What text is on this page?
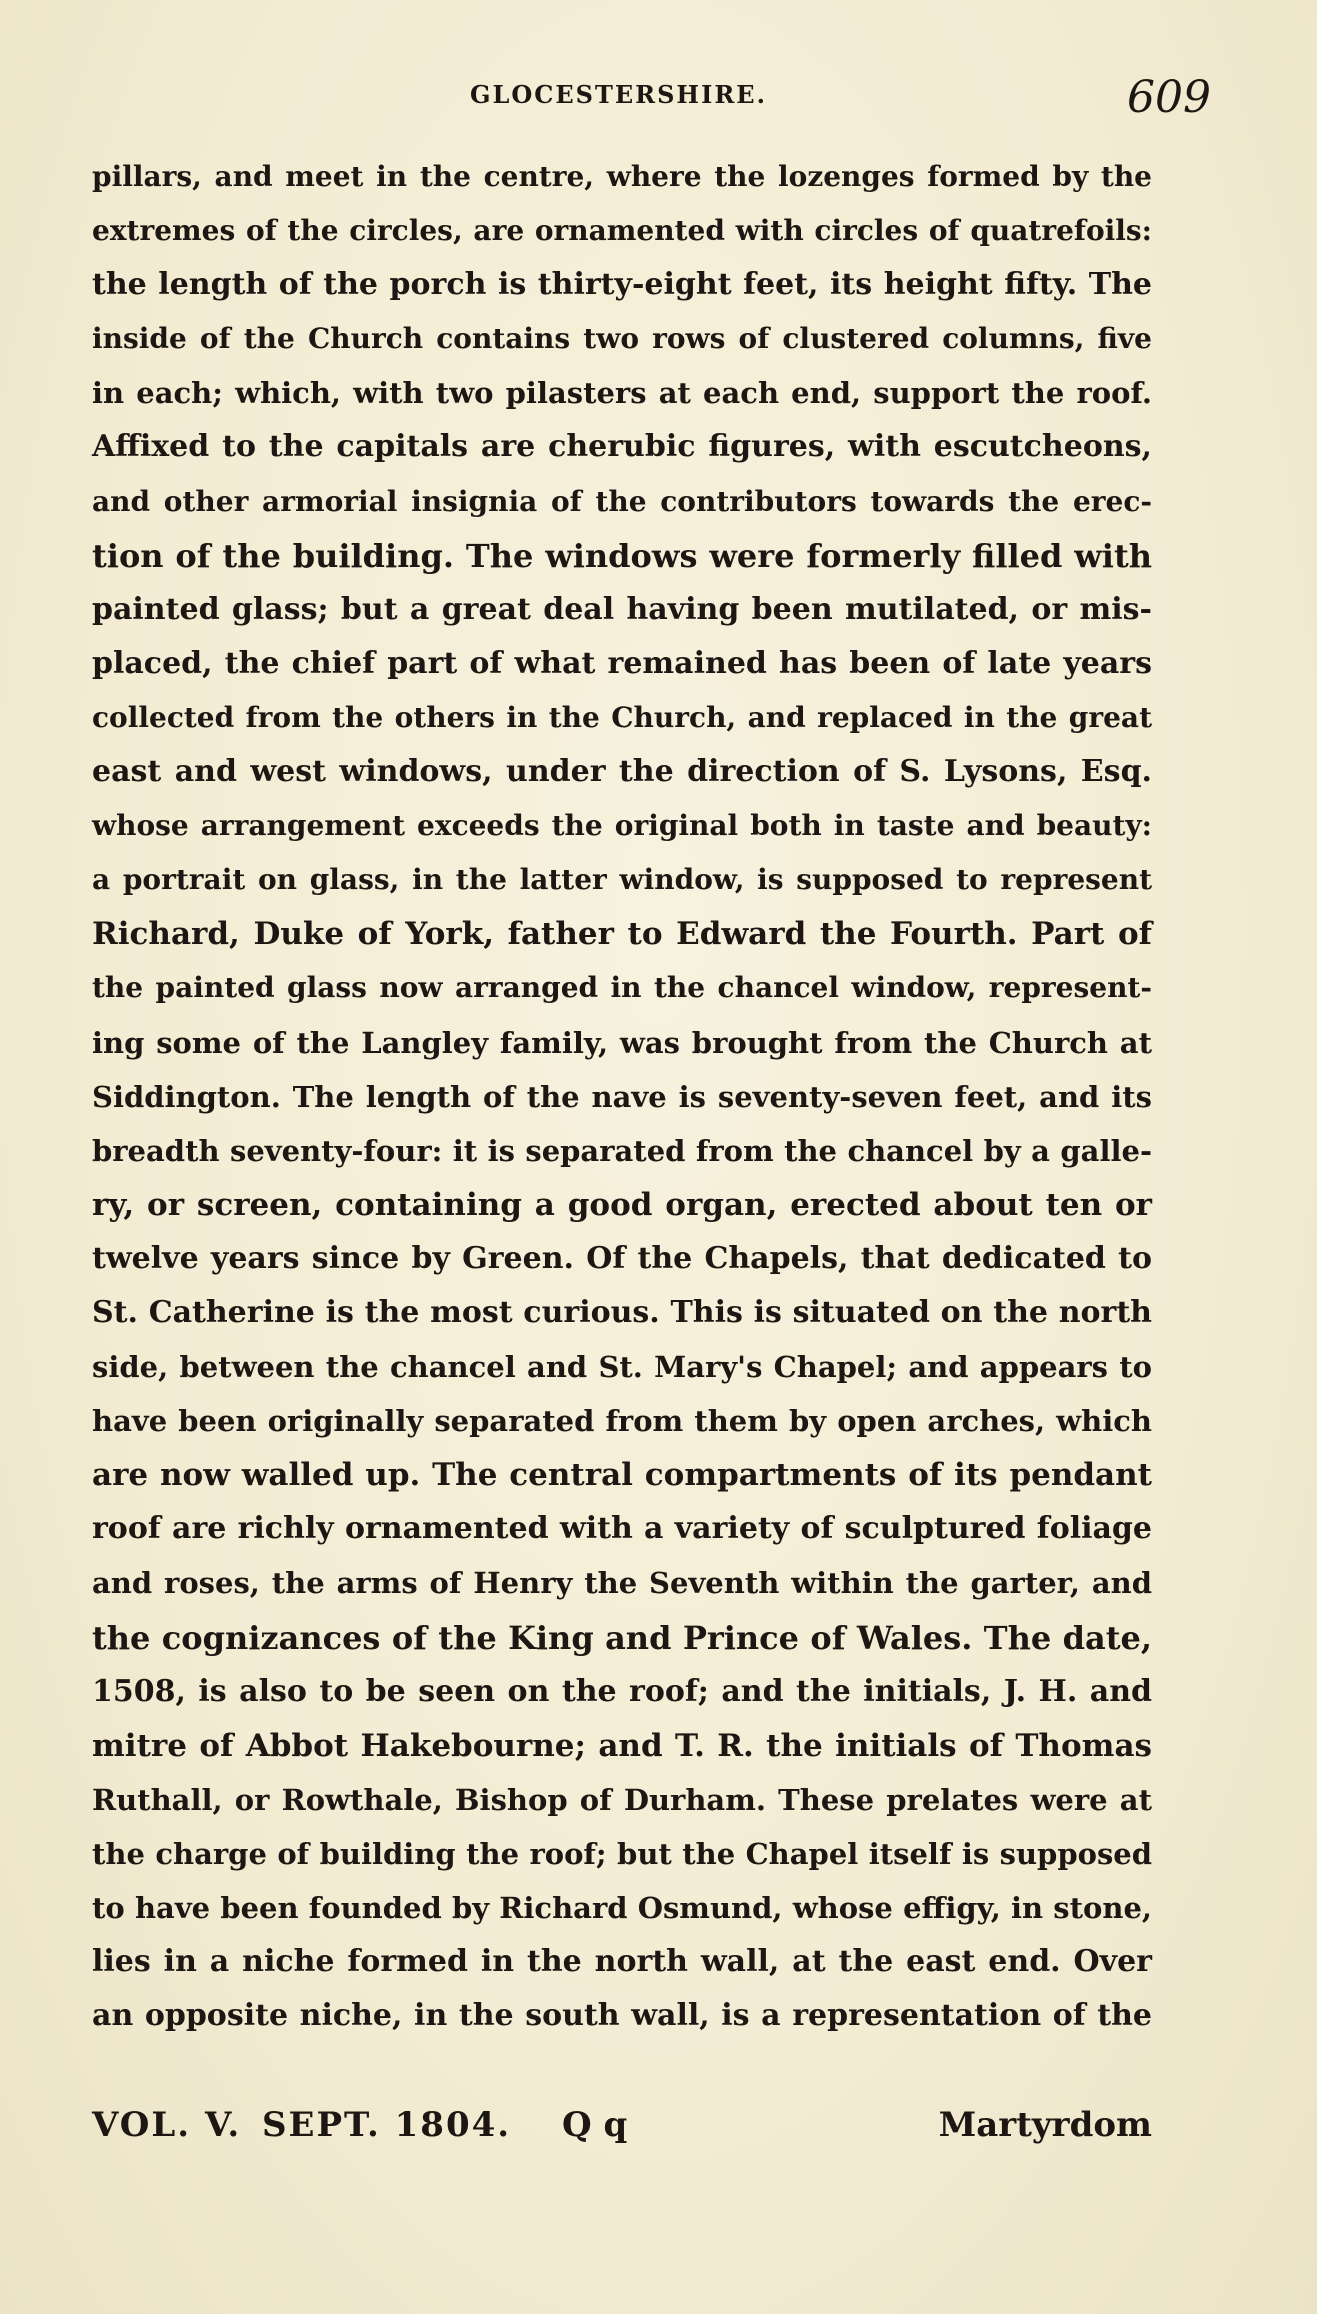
GLOCESTERSHIRE.	609
pillars, and meet in the centre, where the lozenges formed by the
extremes of the circles, are ornamented with circles of quatrefoils:
the length of the porch is thirty-eight feet, its height fifty. The
inside of the Church contains two rows of clustered columns, five
in each; which, with two pilasters at each end, support the roof.
Affixed to the capitals are cherubic figures, with escutcheons,
and other armorial insignia of the contributors towards the erec-
tion of the building. The windows were formerly filled with
painted glass; but a great deal having been mutilated, or mis-
placed, the chief part of what remained has been of late years
collected from the others in the Church, and replaced in the great
east and west windows, under the direction of S. Lysons, Esq.
whose arrangement exceeds the original both in taste and beauty:
a portrait on glass, in the latter window, is supposed to represent
Richard, Duke of York, father to Edward the Fourth. Part of
the painted glass now arranged in the chancel window, represent-
ing some of the Langley family, was brought from the Church at
Siddington. The length of the nave is seventy-seven feet, and its
breadth seventy-four: it is separated from the chancel by a galle-
ry, or screen, containing a good organ, erected about ten or
twelve years since by Green. Of the Chapels, that dedicated to
St. Catherine is the most curious. This is situated on the north
side, between the chancel and St. Mary's Chapel; and appears to
have been originally separated from them by open arches, which
are now walled up. The central compartments of its pendant
roof are richly ornamented with a variety of sculptured foliage
and roses, the arms of Henry the Seventh within the garter, and
the cognizances of the King and Prince of Wales. The date,
1508, is also to be seen on the roof; and the initials, J. H. and
mitre of Abbot Hakebourne; and T. R. the initials of Thomas
Ruthall, or Rowthale, Bishop of Durham. These prelates were at
the charge of building the roof; but the Chapel itself is supposed
to have been founded by Richard Osmund, whose effigy, in stone,
lies in a niche formed in the north wall, at the east end. Over
an opposite niche, in the south wall, is a representation of the
VOL. V. SEPT. 1804. Q q	Martyrdom
